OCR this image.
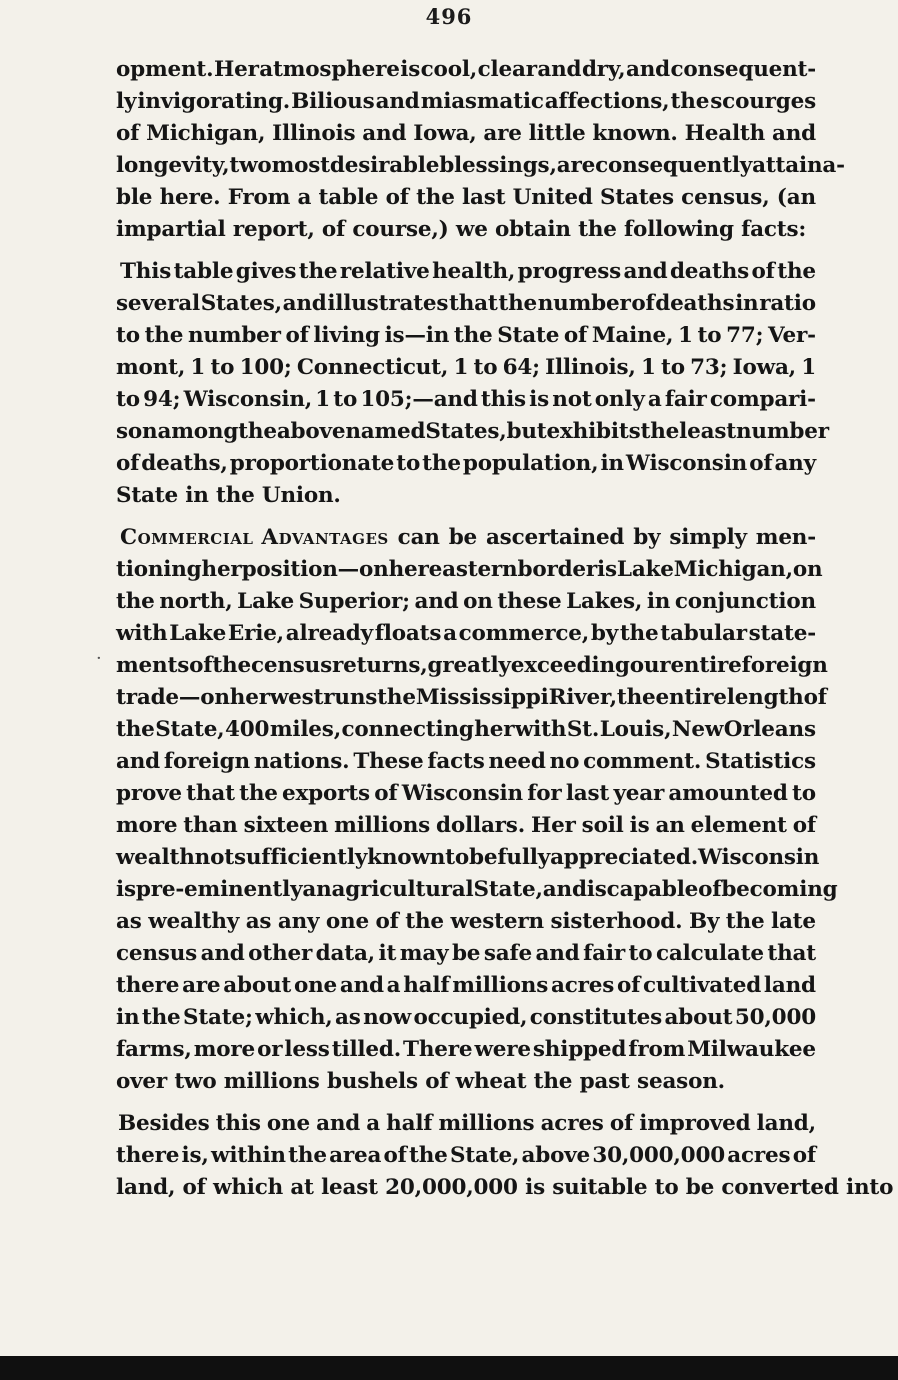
496
·
opment. Her atmosphere is cool, clear and dry, and consequent-
ly invigorating. Bilious and miasmatic affections, the scourges
of Michigan, Illinois and Iowa, are little known. Health and
longevity, two most desirable blessings, are consequently attaina-
ble here. From a table of the last United States census, (an
impartial report, of course,) we obtain the following facts:
This table gives the relative health, progress and deaths of the
several States, and illustrates that the number of deaths in ratio
to the number of living is—in the State of Maine, 1 to 77; Ver-
mont, 1 to 100; Connecticut, 1 to 64; Illinois, 1 to 73; Iowa, 1
to 94; Wisconsin, 1 to 105;—and this is not only a fair compari-
son among the above named States, but exhibits the least number
of deaths, proportionate to the population, in Wisconsin of any
State in the Union.
Commercial Advantages can be ascertained by simply men-
tioning her position—on her eastern border is Lake Michigan, on
the north, Lake Superior; and on these Lakes, in conjunction
with Lake Erie, already floats a commerce, by the tabular state-
ments of the census returns, greatly exceeding our entire foreign
trade—on her west runs the Mississippi River, the entire length of
the State, 400 miles, connecting her with St. Louis, New Orleans
and foreign nations. These facts need no comment. Statistics
prove that the exports of Wisconsin for last year amounted to
more than sixteen millions dollars. Her soil is an element of
wealth not sufficiently known to be fully appreciated. Wisconsin
is pre-eminently an agricultural State, and is capable of becoming
as wealthy as any one of the western sisterhood. By the late
census and other data, it may be safe and fair to calculate that
there are about one and a half millions acres of cultivated land
in the State; which, as now occupied, constitutes about 50,000
farms, more or less tilled. There were shipped from Milwaukee
over two millions bushels of wheat the past season.
Besides this one and a half millions acres of improved land,
there is, within the area of the State, above 30,000,000 acres of
land, of which at least 20,000,000 is suitable to be converted into
